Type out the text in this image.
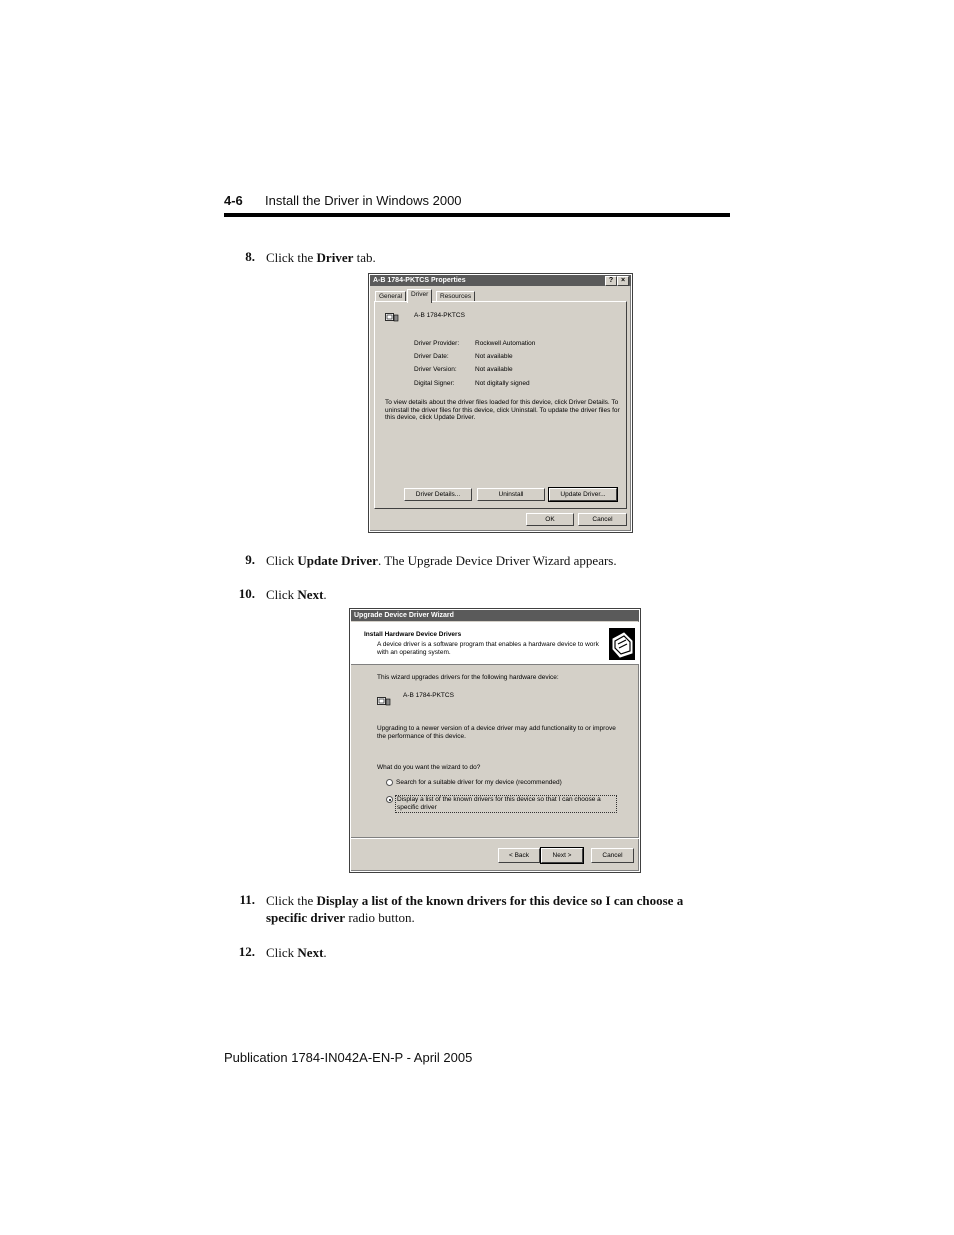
4-6 Install the Driver in Windows 2000
8. Click the Driver tab.
A-B 1784-PKTCS Properties	?	×
General	Driver	Resources
A-B 1784-PKTCS
Driver Provider: Rockwell Automation
Driver Date:	Not available
Driver Version:	Not available
Digital Signer:	Not digitally signed
To view details about the driver files loaded for this device, click Driver Details. To uninstall the driver files for this device, click Uninstall. To update the driver files for this device, click Update Driver.
Driver Details...	Uninstall	Update Driver...
OK	Cancel
9. Click Update Driver. The Upgrade Device Driver Wizard appears.
10. Click Next.
Upgrade Device Driver Wizard
Install Hardware Device Drivers
A device driver is a software program that enables a hardware device to work with an operating system.
This wizard upgrades drivers for the following hardware device:
A-B 1784-PKTCS
Upgrading to a newer version of a device driver may add functionality to or improve the performance of this device.
What do you want the wizard to do?
Search for a suitable driver for my device (recommended)
Display a list of the known drivers for this device so that I can choose a specific driver
< Back	Next >	Cancel
11. Click the Display a list of the known drivers for this device so I can choose a specific driver radio button.
12. Click Next.
Publication 1784-IN042A-EN-P - April 2005
